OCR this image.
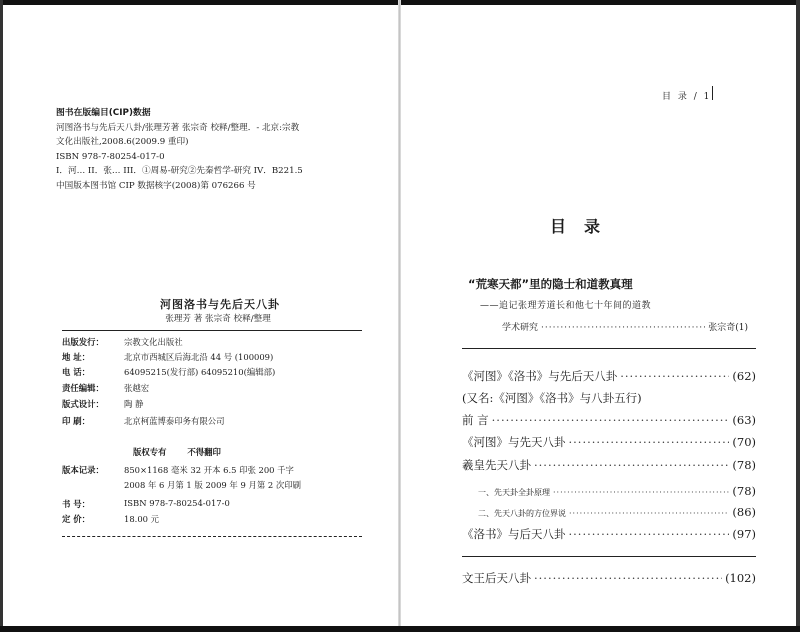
图书在版编目(CIP)数据
河图洛书与先后天八卦/张理芳著 张宗奇 校释/整理．- 北京:宗教
文化出版社,2008.6(2009.9 重印)
ISBN 978-7-80254-017-0
I．河… II．张… III．①周易-研究②先秦哲学-研究 IV．B221.5
中国版本图书馆 CIP 数据核字(2008)第 076266 号
河图洛书与先后天八卦
张理芳 著 张宗奇 校释/整理
出版发行： 宗教文化出版社
地 址：	北京市西城区后海北沿 44 号 (100009)
电 话：	64095215(发行部) 64095210(编辑部)
责任编辑： 张越宏
版式设计： 陶 静
印 刷：	北京柯蓝博泰印务有限公司
版本记录： 850×1168 毫米 32 开本 6.5 印张 200 千字
2008 年 6 月第 1 版 2009 年 9 月第 2 次印刷
书 号：	ISBN 978-7-80254-017-0
定 价：	18.00 元
版权专有 不得翻印
目 录 / 1
目录
“荒寒天都”里的隐士和道教真理
——追记张理芳道长和他七十年间的道教
学术研究 ·····	张宗奇(1)
《河图》《洛书》与先后天八卦 ·····	(62)
(又名:《河图》《洛书》与八卦五行)
前 言 ·····	(63)
《河图》与先天八卦 ·····	(70)
羲皇先天八卦 ·····	(78)
一、先天卦全卦原理 ·····	(78)
二、先天八卦的方位界说 ·····	(86)
《洛书》与后天八卦 ·····	(97)
文王后天八卦 ·····	(102)
